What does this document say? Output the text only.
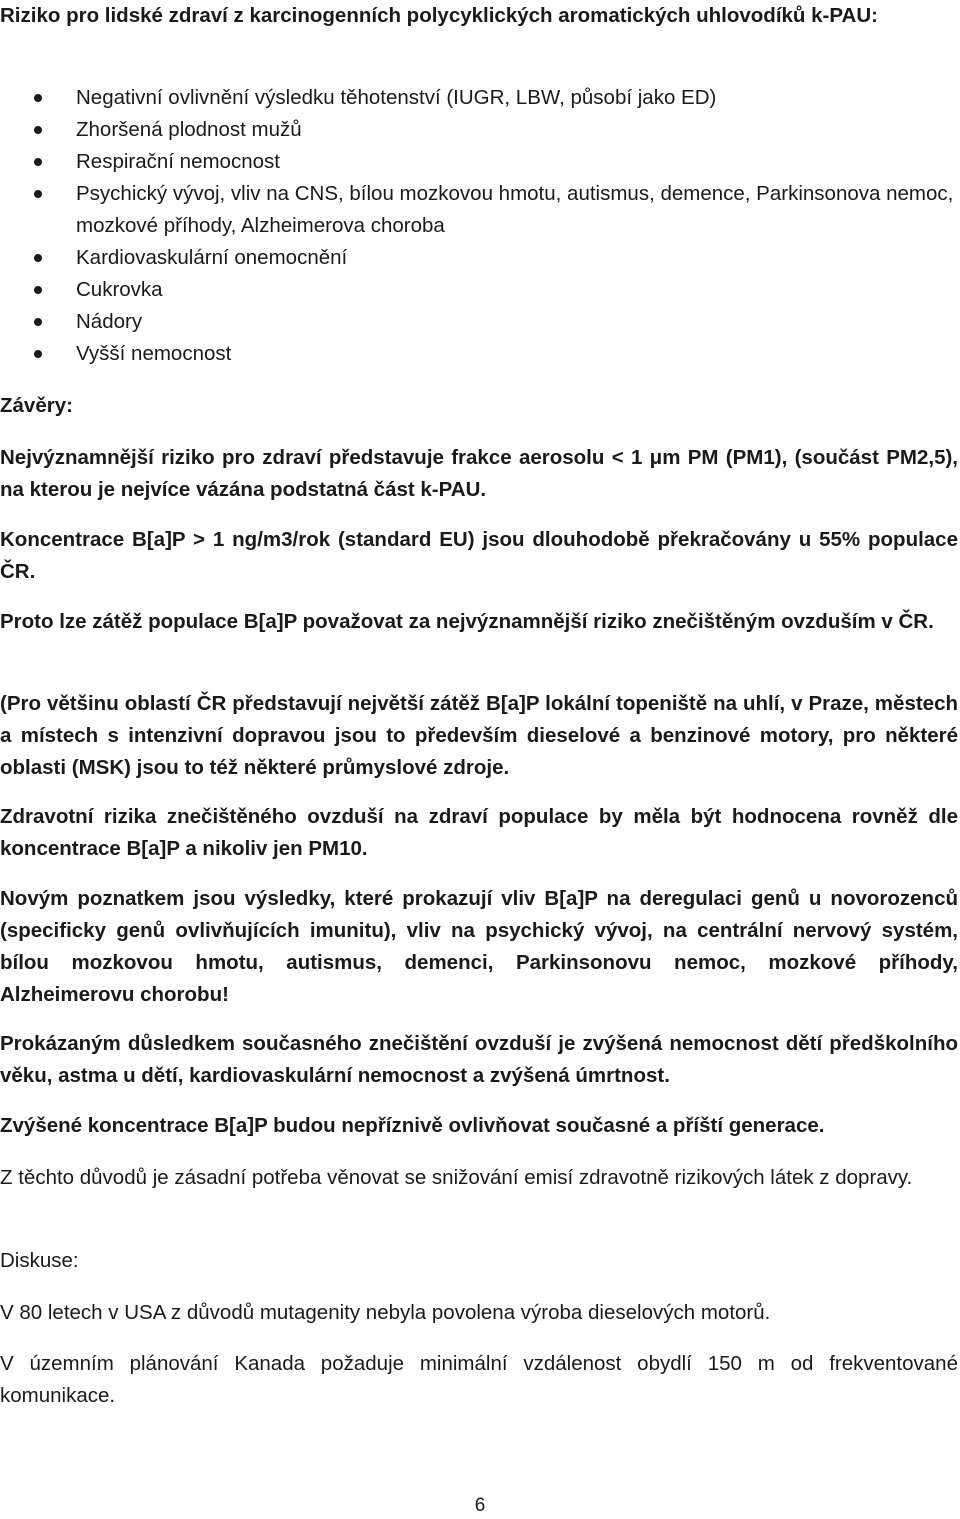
Riziko pro lidské zdraví z karcinogenních polycyklických aromatických uhlovodíků k-PAU:
Negativní ovlivnění výsledku těhotenství (IUGR, LBW, působí jako ED)
Zhoršená plodnost mužů
Respirační nemocnost
Psychický vývoj, vliv na CNS, bílou mozkovou hmotu, autismus, demence, Parkinsonova nemoc, mozkové příhody, Alzheimerova choroba
Kardiovaskulární onemocnění
Cukrovka
Nádory
Vyšší nemocnost
Závěry:
Nejvýznamnější riziko pro zdraví představuje frakce aerosolu < 1 μm PM (PM1), (součást PM2,5), na kterou je nejvíce vázána podstatná část k-PAU.
Koncentrace B[a]P > 1 ng/m3/rok (standard EU) jsou dlouhodobě překračovány u 55% populace ČR.
Proto lze zátěž populace B[a]P považovat za nejvýznamnější riziko znečištěným ovzduším v ČR.
(Pro většinu oblastí ČR představují největší zátěž B[a]P lokální topeniště na uhlí, v Praze, městech a místech s intenzivní dopravou jsou to především dieselové a benzinové motory, pro některé oblasti (MSK) jsou to též některé průmyslové zdroje.
Zdravotní rizika znečištěného ovzduší na zdraví populace by měla být hodnocena rovněž dle koncentrace B[a]P a nikoliv jen PM10.
Novým poznatkem jsou výsledky, které prokazují vliv B[a]P na deregulaci genů u novorozenců (specificky genů ovlivňujících imunitu), vliv na psychický vývoj, na centrální nervový systém, bílou mozkovou hmotu, autismus, demenci, Parkinsonovu nemoc, mozkové příhody, Alzheimerovu chorobu!
Prokázaným důsledkem současného znečištění ovzduší je zvýšená nemocnost dětí předškolního věku, astma u dětí, kardiovaskulární nemocnost a zvýšená úmrtnost.
Zvýšené koncentrace B[a]P budou nepříznivě ovlivňovat současné a příští generace.
Z těchto důvodů je zásadní potřeba věnovat se snižování emisí zdravotně rizikových látek z dopravy.
Diskuse:
V 80 letech v USA z důvodů mutagenity nebyla povolena výroba dieselových motorů.
V územním plánování Kanada požaduje minimální vzdálenost obydlí 150 m od frekventované komunikace.
6
